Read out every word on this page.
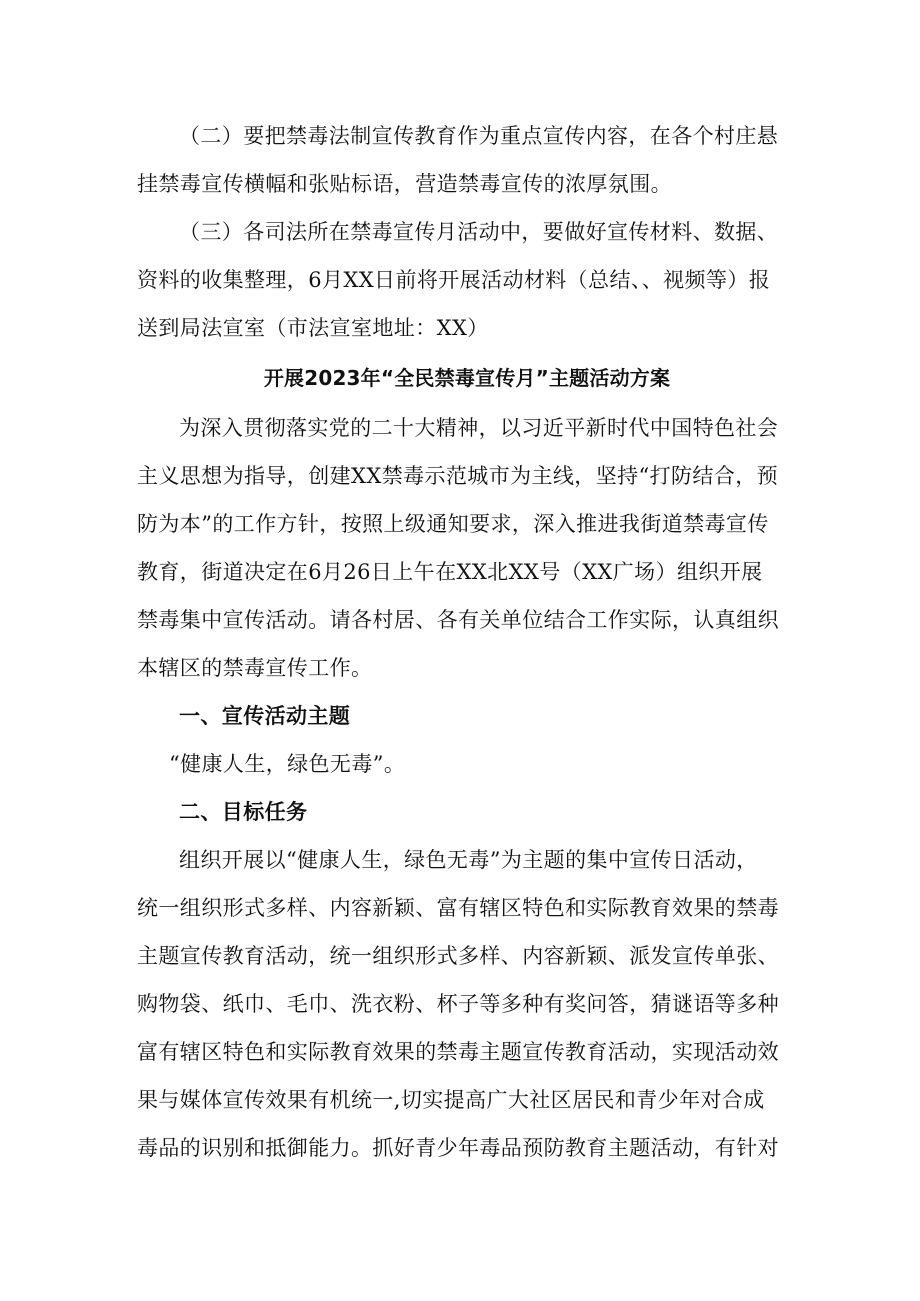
（二）要把禁毒法制宣传教育作为重点宣传内容，在各个村庄悬
挂禁毒宣传横幅和张贴标语，营造禁毒宣传的浓厚氛围。

（三）各司法所在禁毒宣传月活动中，要做好宣传材料、数据、
资料的收集整理，6月XX日前将开展活动材料（总结、、视频等）报
送到局法宣室（市法宣室地址：XX）

开展2023年“全民禁毒宣传月”主题活动方案

为深入贯彻落实党的二十大精神，以习近平新时代中国特色社会
主义思想为指导，创建XX禁毒示范城市为主线，坚持“打防结合，预
防为本”的工作方针，按照上级通知要求，深入推进我街道禁毒宣传
教育，街道决定在6月26日上午在XX北XX号（XX广场）组织开展
禁毒集中宣传活动。请各村居、各有关单位结合工作实际，认真组织
本辖区的禁毒宣传工作。

一、宣传活动主题

“健康人生，绿色无毒”。

二、目标任务

组织开展以“健康人生，绿色无毒”为主题的集中宣传日活动，
统一组织形式多样、内容新颖、富有辖区特色和实际教育效果的禁毒
主题宣传教育活动，统一组织形式多样、内容新颖、派发宣传单张、
购物袋、纸巾、毛巾、洗衣粉、杯子等多种有奖问答，猜谜语等多种
富有辖区特色和实际教育效果的禁毒主题宣传教育活动，实现活动效
果与媒体宣传效果有机统一,切实提高广大社区居民和青少年对合成
毒品的识别和抵御能力。抓好青少年毒品预防教育主题活动，有针对
